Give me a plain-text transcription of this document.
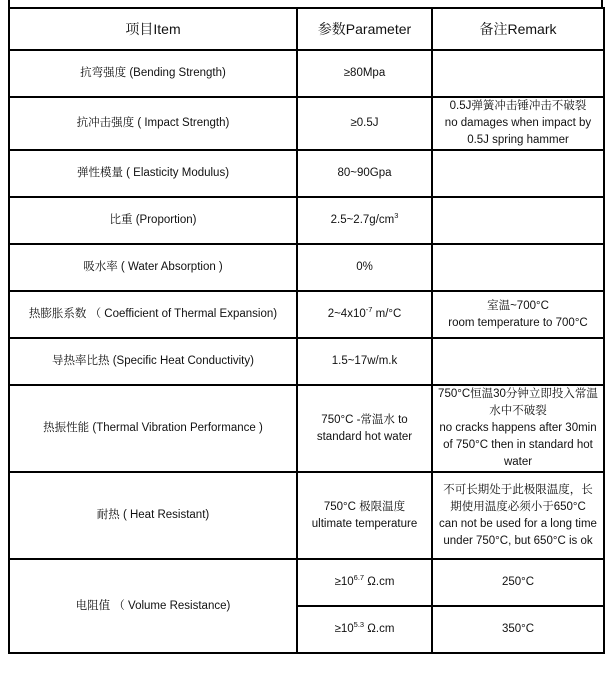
项目Item	参数Parameter	备注Remark
抗弯强度 (Bending Strength)	≥80Mpa	
抗冲击强度 ( Impact Strength)	≥0.5J	0.5J弹簧冲击锤冲击不破裂
no damages when impact by
0.5J spring hammer

弹性模量 ( Elasticity Modulus)	80~90Gpa	
比重 (Proportion)	$2.5\sim 2.7g/cm^3$	
吸水率 ( Water Absorption )	0%	
热膨胀系数 （ Coefficient of Thermal Expansion)	$2\sim 4x10^{-7}$ m/°C	室温~700°C
room temperature to 700°C

导热率比热 (Specific Heat Conductivity)	1.5~17w/m.k	
热振性能 (Thermal Vibration Performance )	750°C -常温水 to
standard hot water	750°C恒温30分钟立即投入常温
水中不破裂
no cracks happens after 30min
of 750°C then in standard hot
water

耐热 ( Heat Resistant)	750°C 极限温度
ultimate temperature	不可长期处于此极限温度，长
期使用温度必须小于650°C
can not be used for a long time
under 750°C, but 650°C is ok

电阻值 （ Volume Resistance)	$\ge 10^{6.7}$ Ω.cm	250°C
	$\ge 10^{5.3}$ Ω.cm	350°C
